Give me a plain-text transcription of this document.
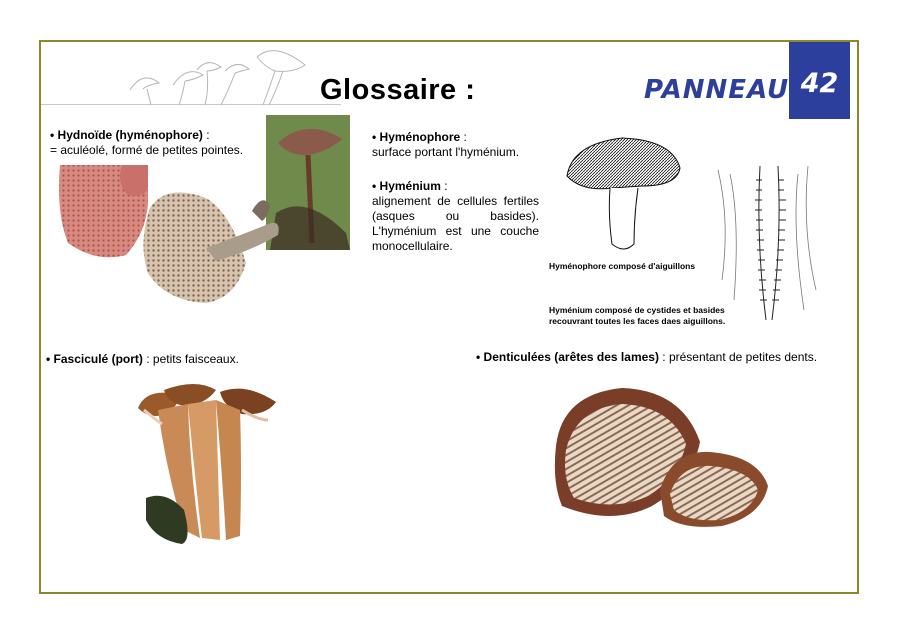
Glossaire :	PANNEAU 42
• Hydnoïde (hyménophore) :
= aculéolé, formé de petites pointes.
• Hyménophore :
surface portant l'hyménium.
• Hyménium :
alignement de cellules fertiles (asques ou basides). L'hyménium est une couche monocellulaire.
Hyménophore composé d'aiguillons
Hyménium composé de cystides et basides
recouvrant toutes les faces daes aiguillons.
• Fasciculé (port) : petits faisceaux.	• Denticulées (arêtes des lames) : présentant de petites dents.
